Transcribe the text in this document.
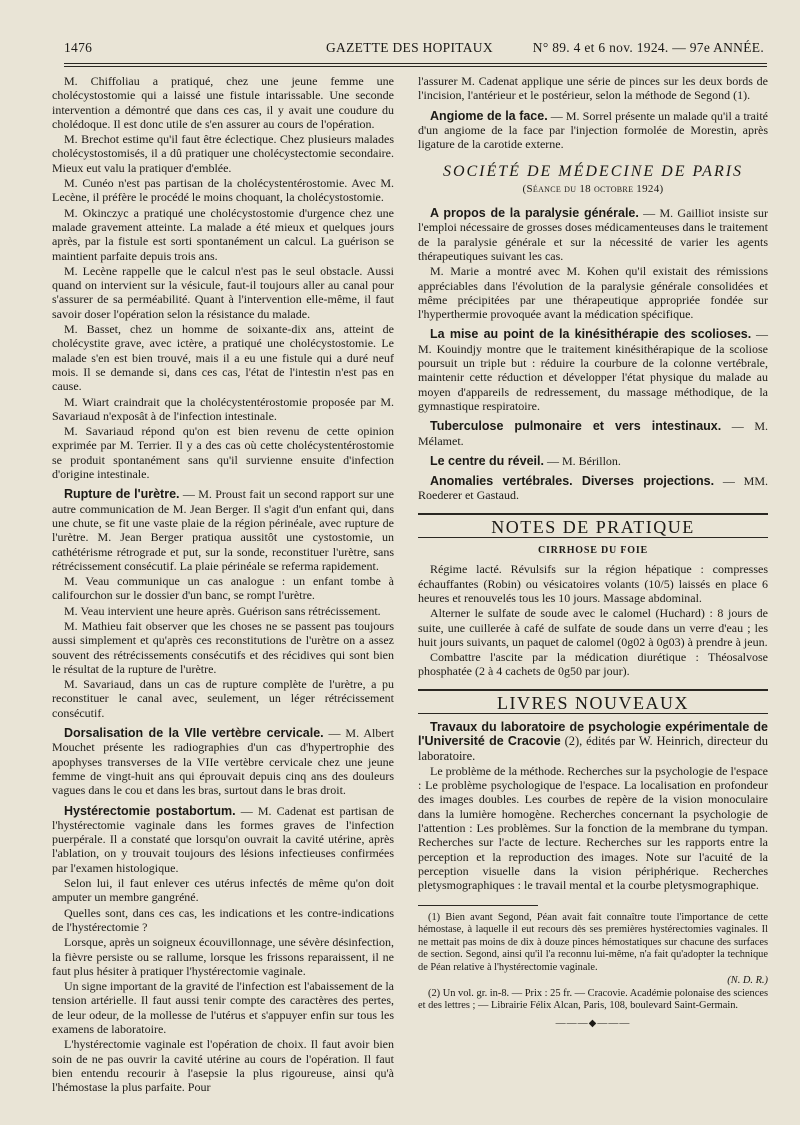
1476	GAZETTE DES HOPITAUX	N° 89. 4 et 6 nov. 1924. — 97e ANNÉE.

M. Chiffoliau a pratiqué, chez une jeune femme une cholécystostomie qui a laissé une fistule intarissable. Une seconde intervention a démontré que dans ces cas, il y avait une coudure du cholédoque. Il est donc utile de s'en assurer au cours de l'opération.

M. Brechot estime qu'il faut être éclectique. Chez plusieurs malades cholécystostomisés, il a dû pratiquer une cholécystectomie secondaire. Mieux eut valu la pratiquer d'emblée.

M. Cunéo n'est pas partisan de la cholécystentérostomie. Avec M. Lecène, il préfère le procédé le moins choquant, la cholécystostomie.

M. Okinczyc a pratiqué une cholécystostomie d'urgence chez une malade gravement atteinte. La malade a été mieux et quelques jours après, par la fistule est sorti spontanément un calcul. La guérison se maintient parfaite depuis trois ans.

M. Lecène rappelle que le calcul n'est pas le seul obstacle. Aussi quand on intervient sur la vésicule, faut-il toujours aller au canal pour s'assurer de sa perméabilité. Quant à l'intervention elle-même, il faut savoir doser l'opération selon la résistance du malade.

M. Basset, chez un homme de soixante-dix ans, atteint de cholécystite grave, avec ictère, a pratiqué une cholécystostomie. Le malade s'en est bien trouvé, mais il a eu une fistule qui a duré neuf mois. Il se demande si, dans ces cas, l'état de l'intestin n'est pas en cause.

M. Wiart craindrait que la cholécystentérostomie proposée par M. Savariaud n'exposât à de l'infection intestinale.

M. Savariaud répond qu'on est bien revenu de cette opinion exprimée par M. Terrier. Il y a des cas où cette cholécystentérostomie se produit spontanément sans qu'il survienne ensuite d'infection d'origine intestinale.

Rupture de l'urètre. — M. Proust fait un second rapport sur une autre communication de M. Jean Berger. Il s'agit d'un enfant qui, dans une chute, se fit une vaste plaie de la région périnéale, avec rupture de l'urètre. M. Jean Berger pratiqua aussitôt une cystostomie, un cathétérisme rétrograde et put, sur la sonde, reconstituer l'urètre, sans rétrécissement consécutif. La plaie périnéale se referma rapidement.

M. Veau communique un cas analogue : un enfant tombe à califourchon sur le dossier d'un banc, se rompt l'urètre.

M. Veau intervient une heure après. Guérison sans rétrécissement.

M. Mathieu fait observer que les choses ne se passent pas toujours aussi simplement et qu'après ces reconstitutions de l'urètre on a assez souvent des rétrécissements consécutifs et des récidives qui sont bien le résultat de la rupture de l'urètre.

M. Savariaud, dans un cas de rupture complète de l'urètre, a pu reconstituer le canal avec, seulement, un léger rétrécissement consécutif.

Dorsalisation de la VIIe vertèbre cervicale. — M. Albert Mouchet présente les radiographies d'un cas d'hypertrophie des apophyses transverses de la VIIe vertèbre cervicale chez une jeune femme de vingt-huit ans qui éprouvait depuis cinq ans des douleurs vagues dans le cou et dans les bras, surtout dans le bras droit.

Hystérectomie postabortum. — M. Cadenat est partisan de l'hystérectomie vaginale dans les formes graves de l'infection puerpérale. Il a constaté que lorsqu'on ouvrait la cavité utérine, après l'ablation, on y trouvait toujours des lésions infectieuses confirmées par l'examen histologique.

Selon lui, il faut enlever ces utérus infectés de même qu'on doit amputer un membre gangréné.

Quelles sont, dans ces cas, les indications et les contre-indications de l'hystérectomie ?

Lorsque, après un soigneux écouvillonnage, une sévère désinfection, la fièvre persiste ou se rallume, lorsque les frissons reparaissent, il ne faut plus hésiter à pratiquer l'hystérectomie vaginale.

Un signe important de la gravité de l'infection est l'abaissement de la tension artérielle. Il faut aussi tenir compte des caractères des pertes, de leur odeur, de la mollesse de l'utérus et s'appuyer enfin sur tous les examens de laboratoire.

L'hystérectomie vaginale est l'opération de choix. Il faut avoir bien soin de ne pas ouvrir la cavité utérine au cours de l'opération. Il faut bien entendu recourir à l'asepsie la plus rigoureuse, ainsi qu'à l'hémostase la plus parfaite. Pour

l'assurer M. Cadenat applique une série de pinces sur les deux bords de l'incision, l'antérieur et le postérieur, selon la méthode de Segond (1).

Angiome de la face. — M. Sorrel présente un malade qu'il a traité d'un angiome de la face par l'injection formolée de Morestin, après ligature de la carotide externe.

SOCIÉTÉ DE MÉDECINE DE PARIS
(Séance du 18 octobre 1924)

A propos de la paralysie générale. — M. Gailliot insiste sur l'emploi nécessaire de grosses doses médicamenteuses dans le traitement de la paralysie générale et sur la nécessité de varier les agents thérapeutiques suivant les cas.

M. Marie a montré avec M. Kohen qu'il existait des rémissions appréciables dans l'évolution de la paralysie générale consolidées et même précipitées par une thérapeutique appropriée fondée sur l'hyperthermie provoquée avant la médication spécifique.

La mise au point de la kinésithérapie des scolioses. — M. Kouindjy montre que le traitement kinésithérapique de la scoliose poursuit un triple but : réduire la courbure de la colonne vertébrale, maintenir cette réduction et développer l'état physique du malade au moyen d'appareils de redressement, du massage méthodique, de la gymnastique respiratoire.

Tuberculose pulmonaire et vers intestinaux. — M. Mélamet.

Le centre du réveil. — M. Bérillon.

Anomalies vertébrales. Diverses projections. — MM. Roederer et Gastaud.

NOTES DE PRATIQUE
CIRRHOSE DU FOIE

Régime lacté. Révulsifs sur la région hépatique : compresses échauffantes (Robin) ou vésicatoires volants (10/5) laissés en place 6 heures et renouvelés tous les 10 jours. Massage abdominal.

Alterner le sulfate de soude avec le calomel (Huchard) : 8 jours de suite, une cuillerée à café de sulfate de soude dans un verre d'eau ; les huit jours suivants, un paquet de calomel (0g02 à 0g03) à prendre à jeun.

Combattre l'ascite par la médication diurétique : Théosalvose phosphatée (2 à 4 cachets de 0g50 par jour).

LIVRES NOUVEAUX

Travaux du laboratoire de psychologie expérimentale de l'Université de Cracovie (2), édités par W. Heinrich, directeur du laboratoire.

Le problème de la méthode. Recherches sur la psychologie de l'espace : Le problème psychologique de l'espace. La localisation en profondeur des images doubles. Les courbes de repère de la vision monoculaire dans la lumière homogène. Recherches concernant la psychologie de l'attention : Les problèmes. Sur la fonction de la membrane du tympan. Recherches sur l'acte de lecture. Recherches sur les rapports entre la perception et la reproduction des images. Note sur l'acuité de la perception visuelle dans la vision périphérique. Recherches pletysmographiques : le travail mental et la courbe pletysmographique.

(1) Bien avant Segond, Péan avait fait connaître toute l'importance de cette hémostase, à laquelle il eut recours dès ses premières hystérectomies vaginales. Il ne mettait pas moins de dix à douze pinces hémostatiques sur chacune des surfaces de section. Segond, ainsi qu'il l'a reconnu lui-même, n'a fait qu'adopter la technique de Péan relative à l'hystérectomie vaginale.

(N. D. R.)

(2) Un vol. gr. in-8. — Prix : 25 fr. — Cracovie. Académie polonaise des sciences et des lettres ; — Librairie Félix Alcan, Paris, 108, boulevard Saint-Germain.

———◆———
